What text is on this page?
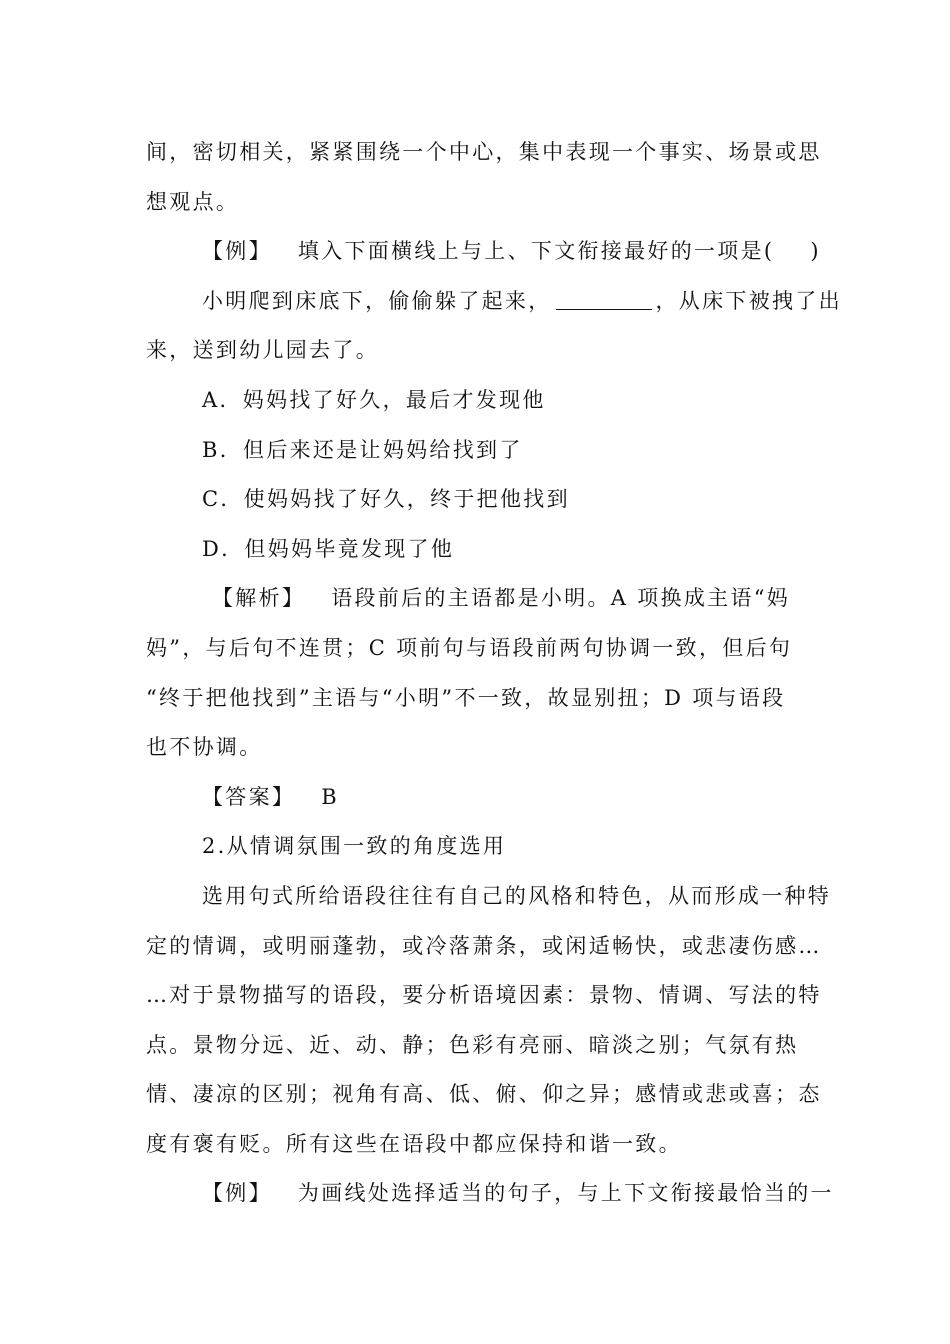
间，密切相关，紧紧围绕一个中心，集中表现一个事实、场景或思
想观点。
【例】 填入下面横线上与上、下文衔接最好的一项是( )
小明爬到床底下，偷偷躲了起来，	，从床下被拽了出
来，送到幼儿园去了。
A．妈妈找了好久，最后才发现他
B．但后来还是让妈妈给找到了
C．使妈妈找了好久，终于把他找到
D．但妈妈毕竟发现了他
【解析】 语段前后的主语都是小明。A 项换成主语“妈
妈”，与后句不连贯；C 项前句与语段前两句协调一致，但后句
“终于把他找到”主语与“小明”不一致，故显别扭；D 项与语段
也不协调。
【答案】 B
2.从情调氛围一致的角度选用
选用句式所给语段往往有自己的风格和特色，从而形成一种特
定的情调，或明丽蓬勃，或冷落萧条，或闲适畅快，或悲凄伤感…
…对于景物描写的语段，要分析语境因素：景物、情调、写法的特
点。景物分远、近、动、静；色彩有亮丽、暗淡之别；气氛有热
情、凄凉的区别；视角有高、低、俯、仰之异；感情或悲或喜；态
度有褒有贬。所有这些在语段中都应保持和谐一致。
【例】 为画线处选择适当的句子，与上下文衔接最恰当的一
